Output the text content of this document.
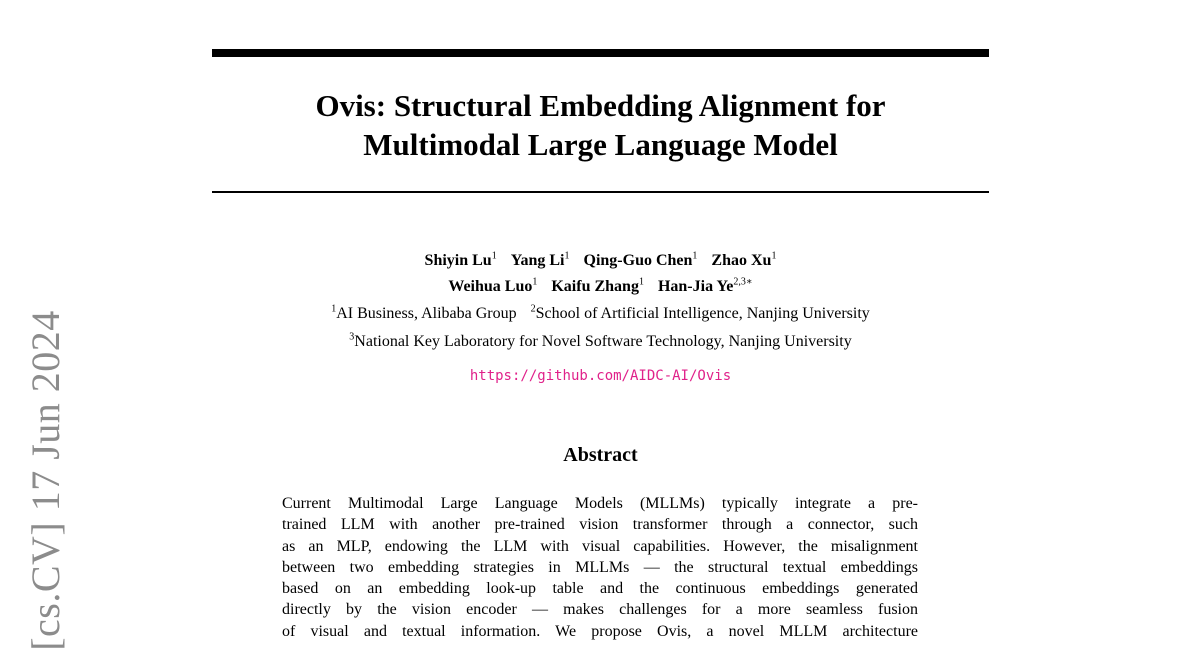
[cs.CV] 17 Jun 2024
Ovis: Structural Embedding Alignment for
Multimodal Large Language Model
Shiyin Lu$^1$ Yang Li$^1$ Qing-Guo Chen$^1$ Zhao Xu$^1$
Weihua Luo$^1$ Kaifu Zhang$^1$ Han-Jia $Ye^{2,3∗}$
$^1$AI Business, Alibaba Group $^2$School of Artificial Intelligence, Nanjing University
$^3$National Key Laboratory for Novel Software Technology, Nanjing University
https://github.com/AIDC-AI/Ovis
Abstract
Current Multimodal Large Language Models (MLLMs) typically integrate a pre-
trained LLM with another pre-trained vision transformer through a connector, such
as an MLP, endowing the LLM with visual capabilities. However, the misalignment
between two embedding strategies in MLLMs — the structural textual embeddings
based on an embedding look-up table and the continuous embeddings generated
directly by the vision encoder — makes challenges for a more seamless fusion
of visual and textual information. We propose Ovis, a novel MLLM architecture
